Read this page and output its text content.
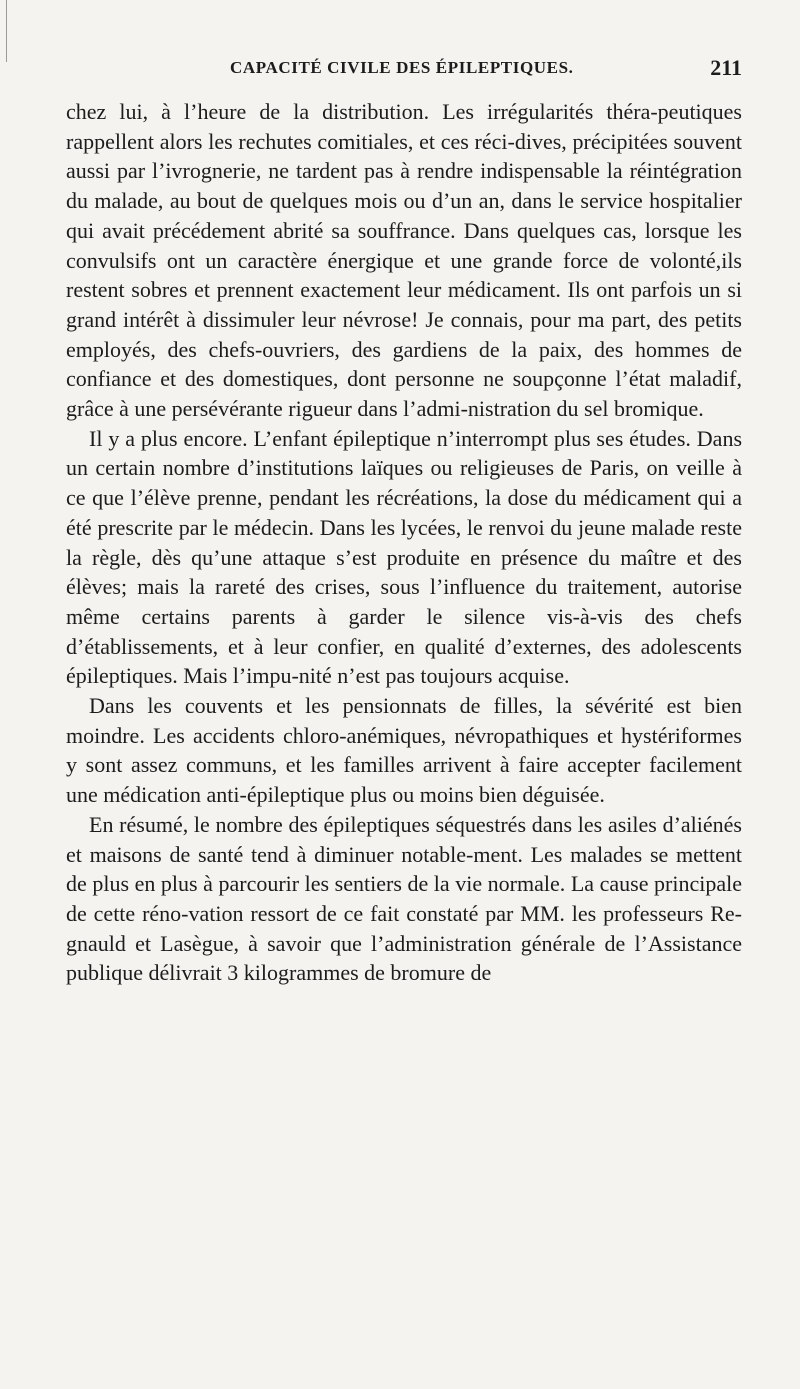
CAPACITÉ CIVILE DES ÉPILEPTIQUES.	211

chez lui, à l’heure de la distribution. Les irrégularités théra-peutiques rappellent alors les rechutes comitiales, et ces réci-dives, précipitées souvent aussi par l’ivrognerie, ne tardent pas à rendre indispensable la réintégration du malade, au bout de quelques mois ou d’un an, dans le service hospitalier qui avait précédement abrité sa souffrance. Dans quelques cas, lorsque les convulsifs ont un caractère énergique et une grande force de volonté,ils restent sobres et prennent exactement leur médicament. Ils ont parfois un si grand intérêt à dissimuler leur névrose! Je connais, pour ma part, des petits employés, des chefs-ouvriers, des gardiens de la paix, des hommes de confiance et des domestiques, dont personne ne soupçonne l’état maladif, grâce à une persévérante rigueur dans l’admi-nistration du sel bromique.

Il y a plus encore. L’enfant épileptique n’interrompt plus ses études. Dans un certain nombre d’institutions laïques ou religieuses de Paris, on veille à ce que l’élève prenne, pendant les récréations, la dose du médicament qui a été prescrite par le médecin. Dans les lycées, le renvoi du jeune malade reste la règle, dès qu’une attaque s’est produite en présence du maître et des élèves; mais la rareté des crises, sous l’influence du traitement, autorise même certains parents à garder le silence vis-à-vis des chefs d’établissements, et à leur confier, en qualité d’externes, des adolescents épileptiques. Mais l’impu-nité n’est pas toujours acquise.

Dans les couvents et les pensionnats de filles, la sévérité est bien moindre. Les accidents chloro-anémiques, névropathiques et hystériformes y sont assez communs, et les familles arrivent à faire accepter facilement une médication anti-épileptique plus ou moins bien déguisée.

En résumé, le nombre des épileptiques séquestrés dans les asiles d’aliénés et maisons de santé tend à diminuer notable-ment. Les malades se mettent de plus en plus à parcourir les sentiers de la vie normale. La cause principale de cette réno-vation ressort de ce fait constaté par MM. les professeurs Re-gnauld et Lasègue, à savoir que l’administration générale de l’Assistance publique délivrait 3 kilogrammes de bromure de
